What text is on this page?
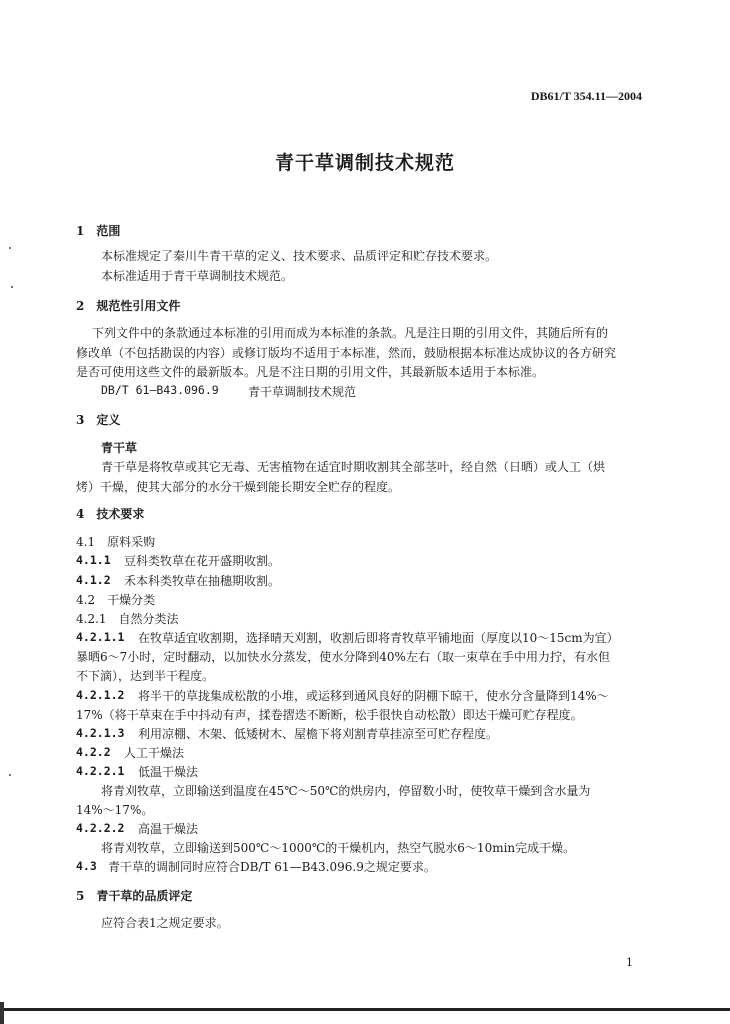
DB61/T 354.11—2004
青干草调制技术规范
1　范围
本标准规定了秦川牛青干草的定义、技术要求、品质评定和贮存技术要求。
本标准适用于青干草调制技术规范。
2　规范性引用文件
下列文件中的条款通过本标准的引用而成为本标准的条款。凡是注日期的引用文件，其随后所有的
修改单（不包括勘误的内容）或修订版均不适用于本标准，然而，鼓励根据本标准达成协议的各方研究
是否可使用这些文件的最新版本。凡是不注日期的引用文件，其最新版本适用于本标准。
DB/T 61—B43.096.9 青干草调制技术规范
3　定义
青干草
青干草是将牧草或其它无毒、无害植物在适宜时期收割其全部茎叶，经自然（日晒）或人工（烘
烤）干燥，使其大部分的水分干燥到能长期安全贮存的程度。
4　技术要求
4.1　原料采购
4.1.1 豆科类牧草在花开盛期收割。
4.1.2 禾本科类牧草在抽穗期收割。
4.2　干燥分类
4.2.1　自然分类法
4.2.1.1 在牧草适宜收割期，选择晴天刈割，收割后即将青牧草平铺地面（厚度以10～15cm为宜）
暴晒6～7小时，定时翻动，以加快水分蒸发，使水分降到40%左右（取一束草在手中用力拧，有水但
不下滴），达到半干程度。
4.2.1.2 将半干的草拢集成松散的小堆，或运移到通风良好的阴棚下晾干，使水分含量降到14%～
17%（将干草束在手中抖动有声，揉卷摺迭不断断，松手很快自动松散）即达干燥可贮存程度。
4.2.1.3 利用凉棚、木架、低矮树木、屋檐下将刈割青草挂凉至可贮存程度。
4.2.2 人工干燥法
4.2.2.1 低温干燥法
将青刈牧草，立即输送到温度在45℃～50℃的烘房内，停留数小时，使牧草干燥到含水量为
14%～17%。
4.2.2.2 高温干燥法
将青刈牧草，立即输送到500℃～1000℃的干燥机内，热空气脱水6～10min完成干燥。
4.3 青干草的调制同时应符合DB/T 61—B43.096.9之规定要求。
5　青干草的品质评定
应符合表1之规定要求。
1
